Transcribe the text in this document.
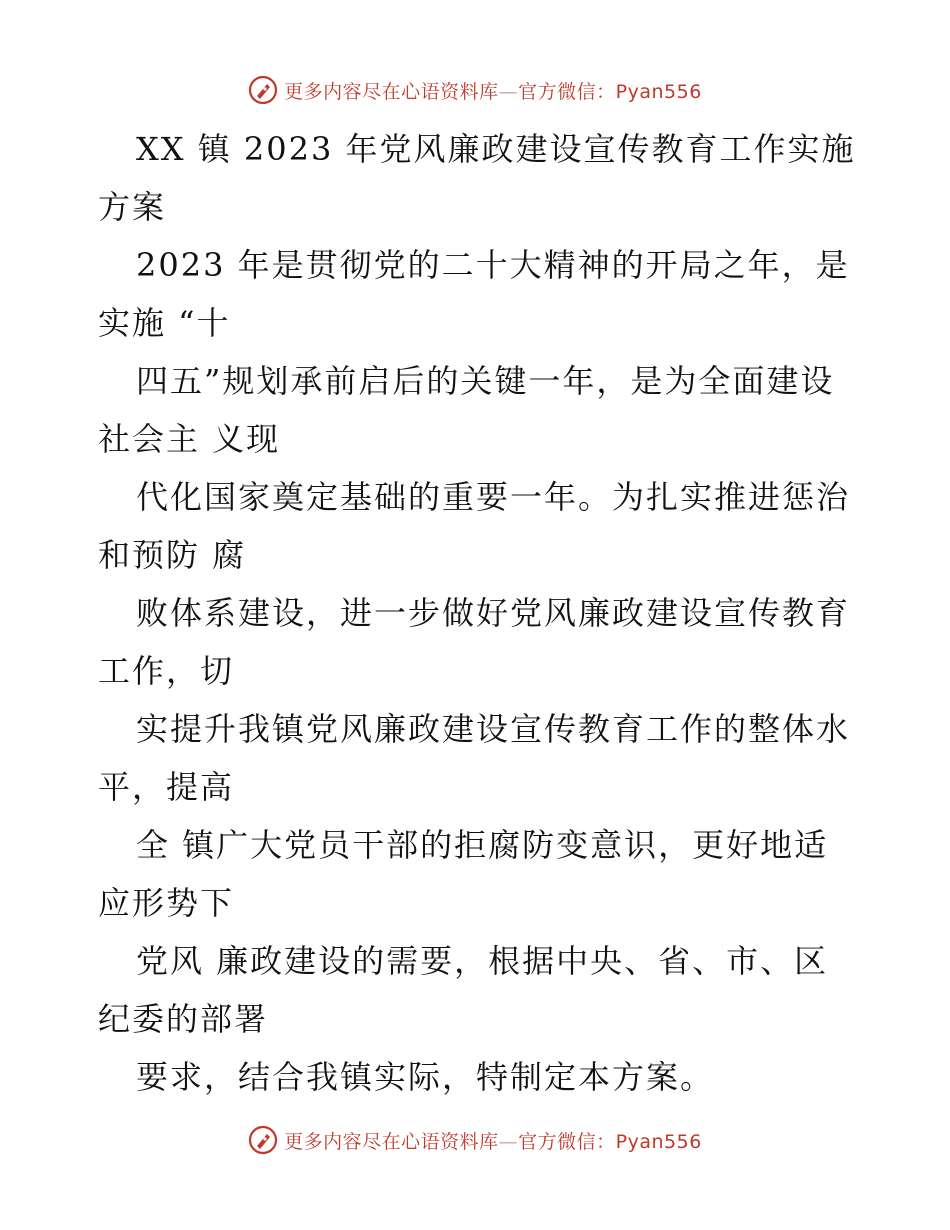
更多内容尽在心语资料库—官方微信：Pyan556
XX 镇 2023 年党风廉政建设宣传教育工作实施
方案
2023 年是贯彻党的二十大精神的开局之年，是
实施 “十
四五”规划承前启后的关键一年，是为全面建设
社会主 义现
代化国家奠定基础的重要一年。为扎实推进惩治
和预防 腐
败体系建设，进一步做好党风廉政建设宣传教育
工作，切
实提升我镇党风廉政建设宣传教育工作的整体水
平，提高
全 镇广大党员干部的拒腐防变意识，更好地适
应形势下
党风 廉政建设的需要，根据中央、省、市、区
纪委的部署
要求，结合我镇实际，特制定本方案。
更多内容尽在心语资料库—官方微信：Pyan556
